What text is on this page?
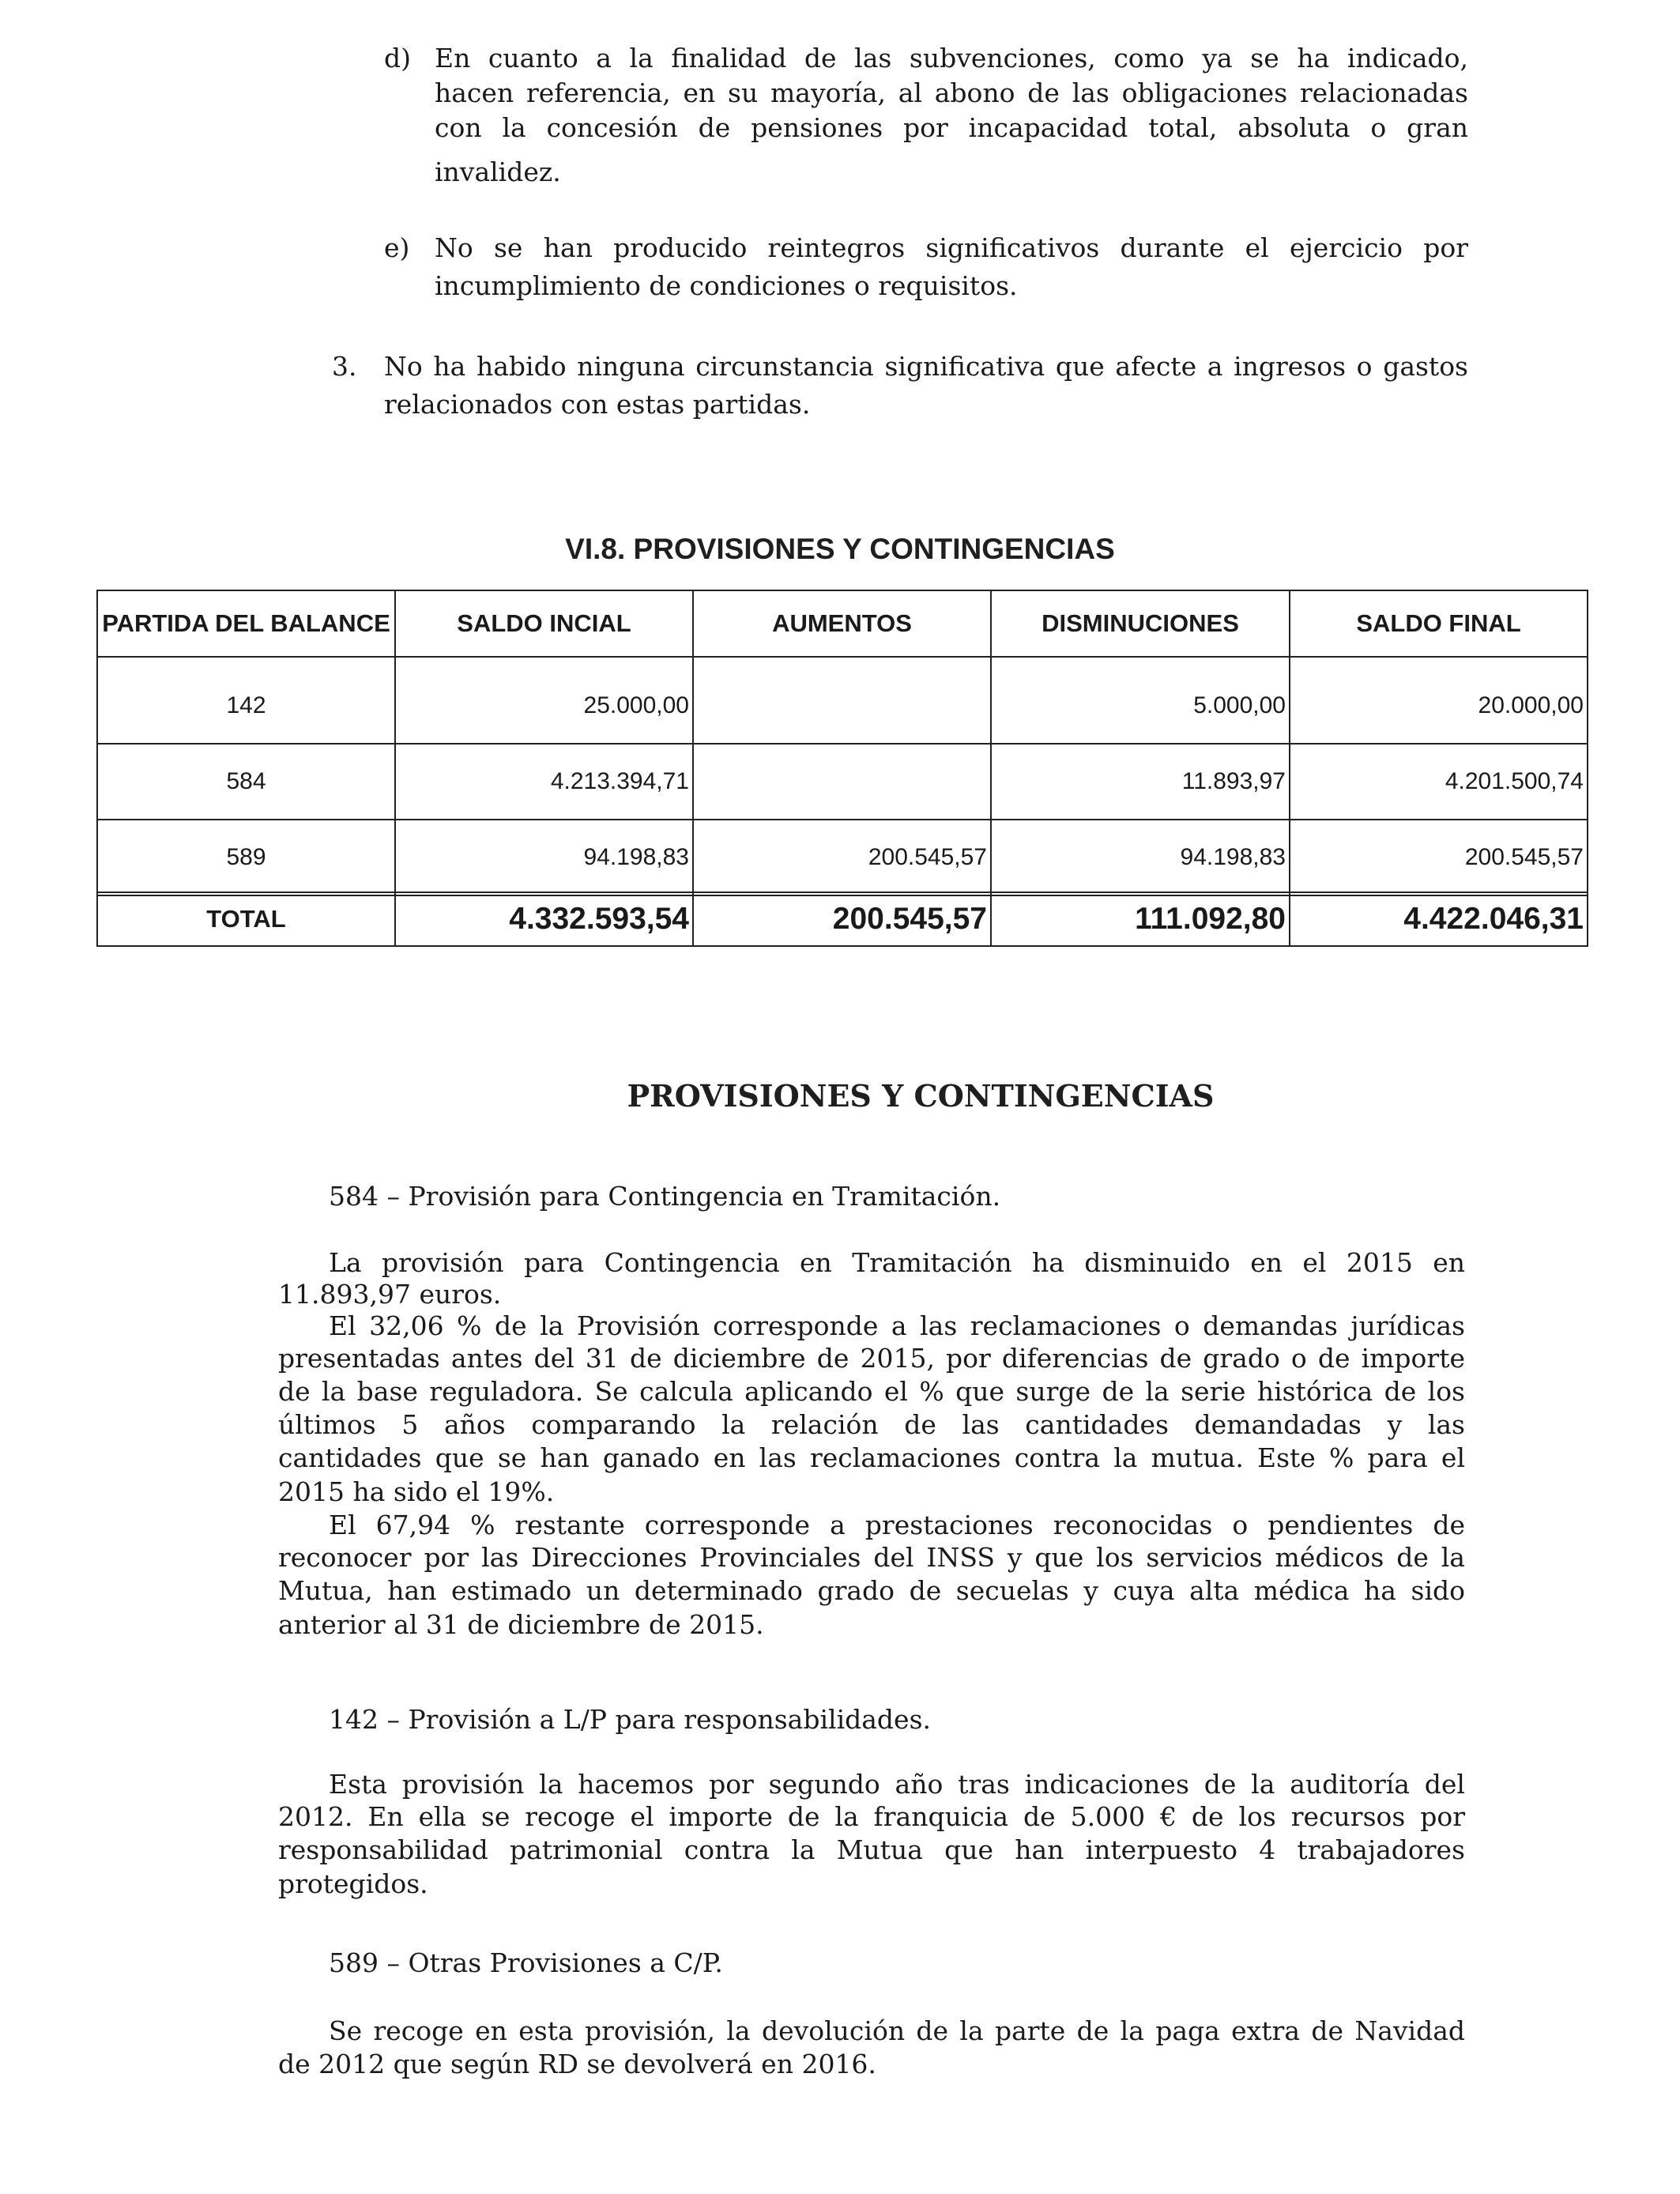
d) En cuanto a la finalidad de las subvenciones, como ya se ha indicado,
hacen referencia, en su mayoría, al abono de las obligaciones relacionadas
con la concesión de pensiones por incapacidad total, absoluta o gran
invalidez.
e) No se han producido reintegros significativos durante el ejercicio por
incumplimiento de condiciones o requisitos.
3. No ha habido ninguna circunstancia significativa que afecte a ingresos o gastos
relacionados con estas partidas.
VI.8. PROVISIONES Y CONTINGENCIAS
PARTIDA DEL BALANCE	SALDO INCIAL	AUMENTOS	DISMINUCIONES	SALDO FINAL
142	25.000,00		5.000,00	20.000,00
584	4.213.394,71		11.893,97	4.201.500,74
589	94.198,83	200.545,57	94.198,83	200.545,57
TOTAL	4.332.593,54	200.545,57	111.092,80	4.422.046,31
PROVISIONES Y CONTINGENCIAS
584 – Provisión para Contingencia en Tramitación.
La provisión para Contingencia en Tramitación ha disminuido en el 2015 en
11.893,97 euros.
El 32,06 % de la Provisión corresponde a las reclamaciones o demandas jurídicas
presentadas antes del 31 de diciembre de 2015, por diferencias de grado o de importe
de la base reguladora. Se calcula aplicando el % que surge de la serie histórica de los
últimos 5 años comparando la relación de las cantidades demandadas y las
cantidades que se han ganado en las reclamaciones contra la mutua. Este % para el
2015 ha sido el 19%.
El 67,94 % restante corresponde a prestaciones reconocidas o pendientes de
reconocer por las Direcciones Provinciales del INSS y que los servicios médicos de la
Mutua, han estimado un determinado grado de secuelas y cuya alta médica ha sido
anterior al 31 de diciembre de 2015.
142 – Provisión a L/P para responsabilidades.
Esta provisión la hacemos por segundo año tras indicaciones de la auditoría del
2012. En ella se recoge el importe de la franquicia de 5.000 € de los recursos por
responsabilidad patrimonial contra la Mutua que han interpuesto 4 trabajadores
protegidos.
589 – Otras Provisiones a C/P.
Se recoge en esta provisión, la devolución de la parte de la paga extra de Navidad
de 2012 que según RD se devolverá en 2016.
